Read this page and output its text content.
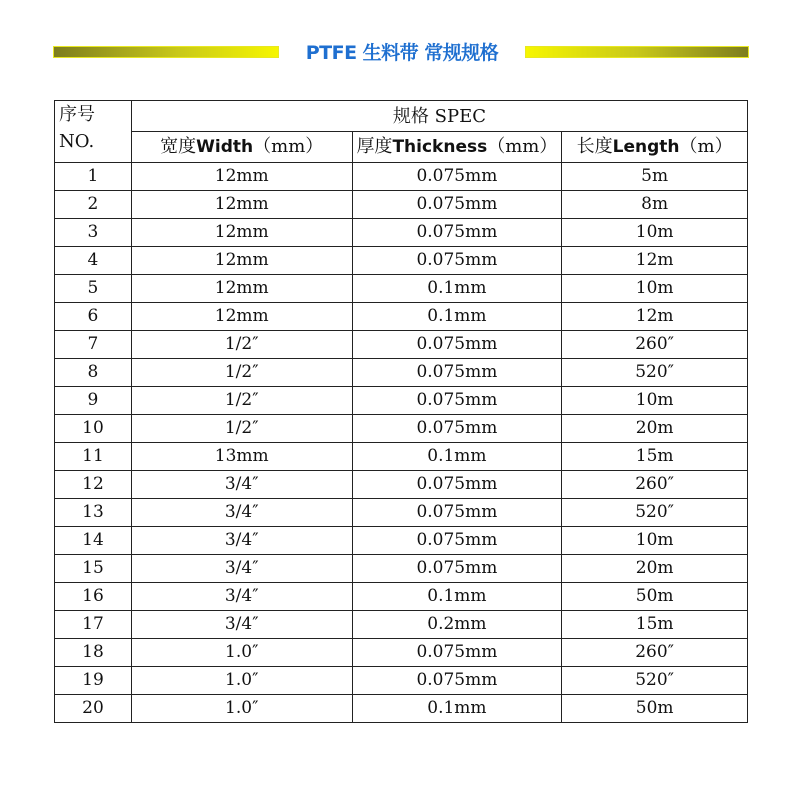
PTFE 生料带 常规规格
序号
NO.	规格 SPEC		
	宽度Width（mm）	厚度Thickness（mm）	长度Length（m）
1	12mm	0.075mm	5m
2	12mm	0.075mm	8m
3	12mm	0.075mm	10m
4	12mm	0.075mm	12m
5	12mm	0.1mm	10m
6	12mm	0.1mm	12m
7	1/2″	0.075mm	260″
8	1/2″	0.075mm	520″
9	1/2″	0.075mm	10m
10	1/2″	0.075mm	20m
11	13mm	0.1mm	15m
12	3/4″	0.075mm	260″
13	3/4″	0.075mm	520″
14	3/4″	0.075mm	10m
15	3/4″	0.075mm	20m
16	3/4″	0.1mm	50m
17	3/4″	0.2mm	15m
18	1.0″	0.075mm	260″
19	1.0″	0.075mm	520″
20	1.0″	0.1mm	50m
